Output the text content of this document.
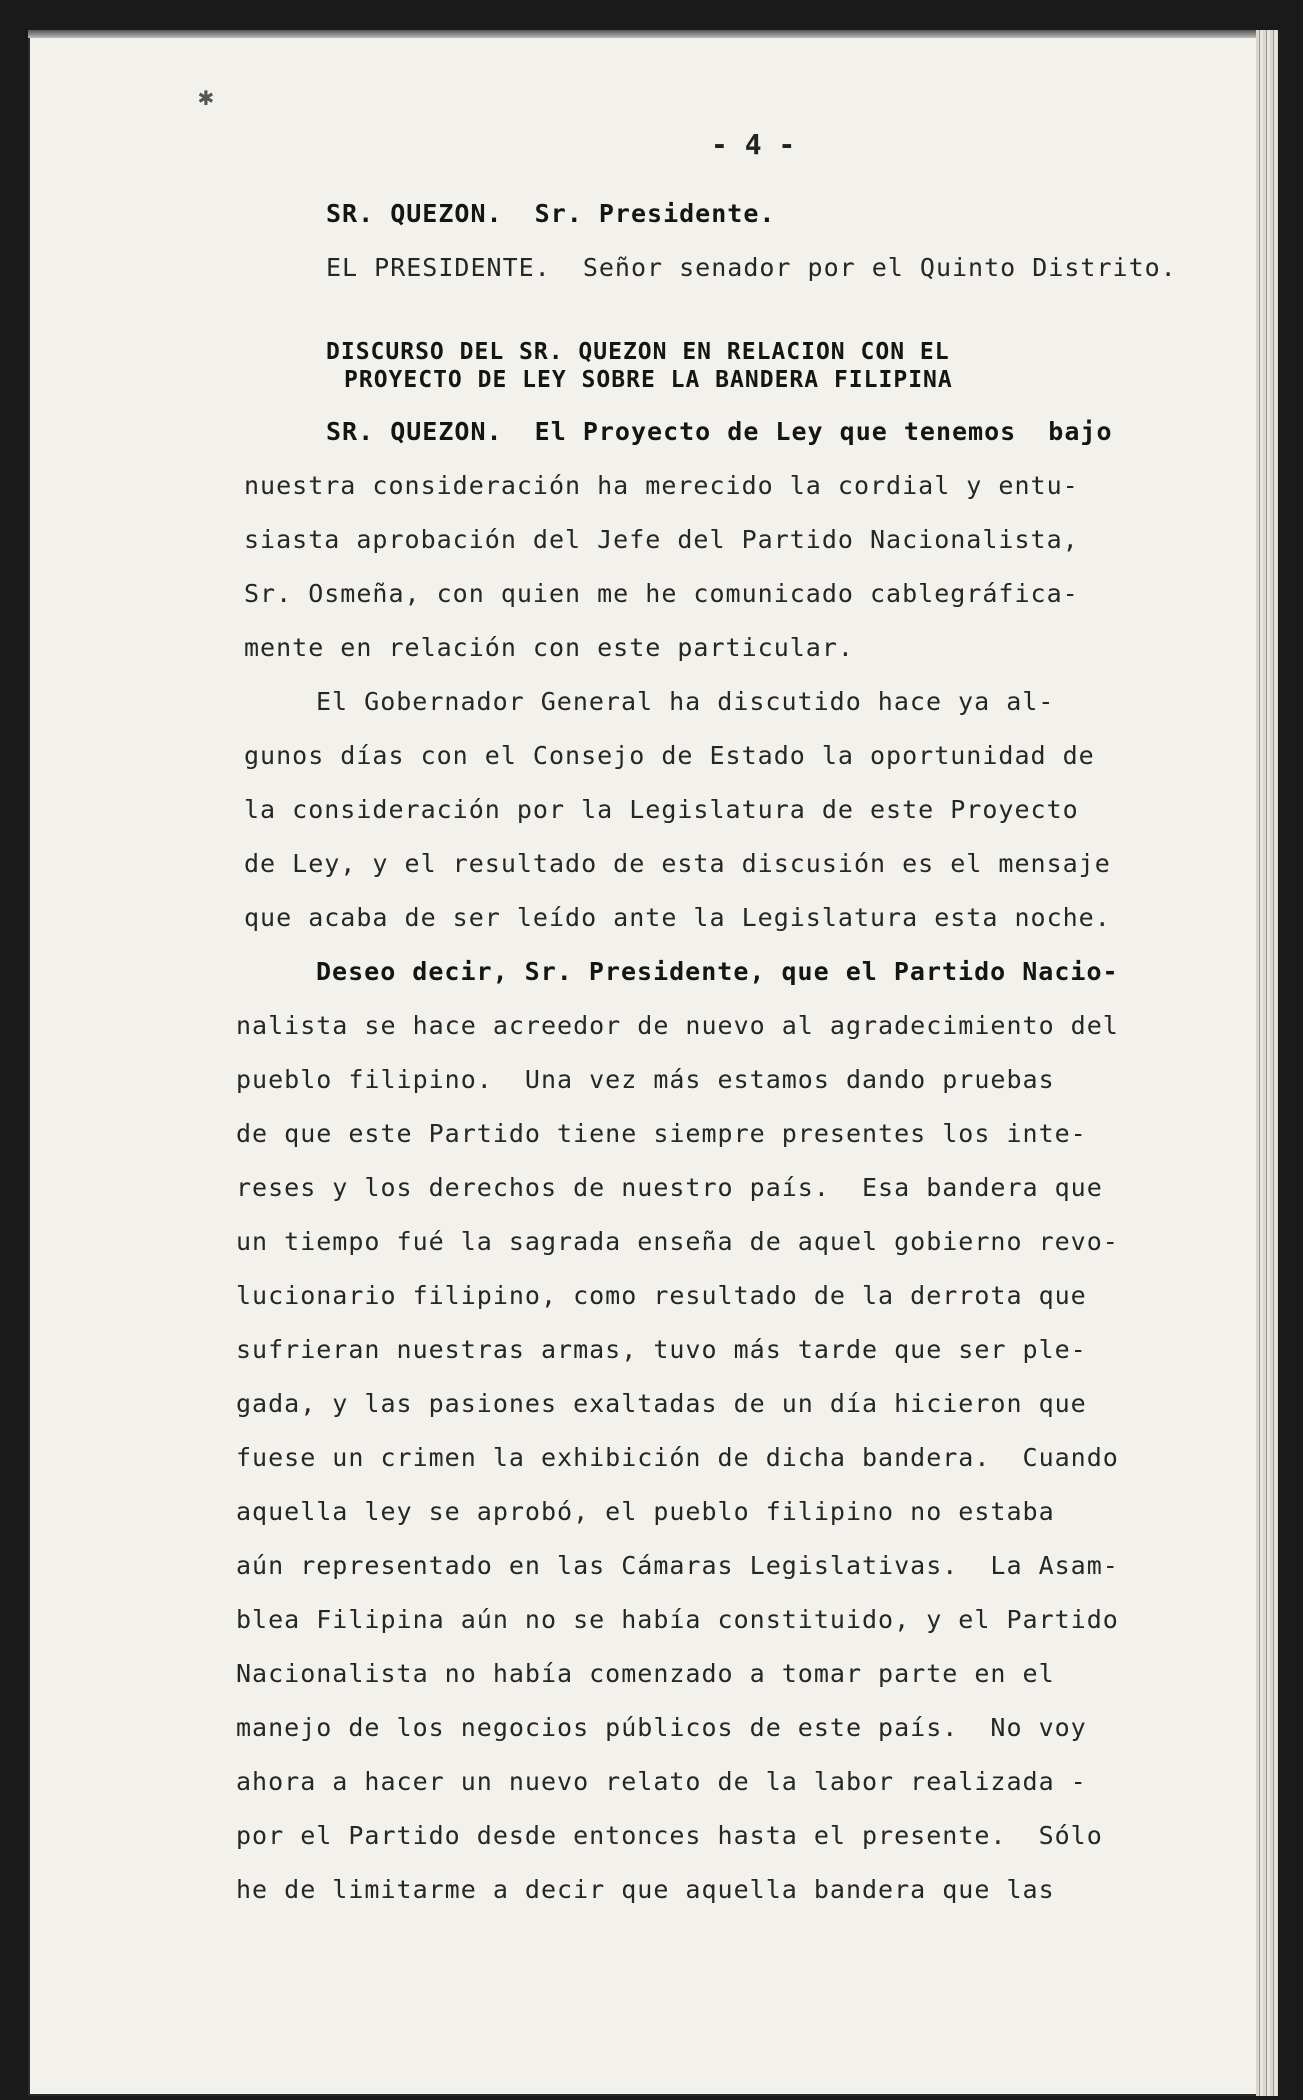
✱
- 4 -
SR. QUEZON.  Sr. Presidente.
EL PRESIDENTE.  Señor senador por el Quinto Distrito.
DISCURSO DEL SR. QUEZON EN RELACION CON EL
PROYECTO DE LEY SOBRE LA BANDERA FILIPINA
SR. QUEZON.  El Proyecto de Ley que tenemos  bajo
nuestra consideración ha merecido la cordial y entu-
siasta aprobación del Jefe del Partido Nacionalista,
Sr. Osmeña, con quien me he comunicado cablegráfica-
mente en relación con este particular.
El Gobernador General ha discutido hace ya al-
gunos días con el Consejo de Estado la oportunidad de
la consideración por la Legislatura de este Proyecto
de Ley, y el resultado de esta discusión es el mensaje
que acaba de ser leído ante la Legislatura esta noche.
Deseo decir, Sr. Presidente, que el Partido Nacio-
nalista se hace acreedor de nuevo al agradecimiento del
pueblo filipino.  Una vez más estamos dando pruebas
de que este Partido tiene siempre presentes los inte-
reses y los derechos de nuestro país.  Esa bandera que
un tiempo fué la sagrada enseña de aquel gobierno revo-
lucionario filipino, como resultado de la derrota que
sufrieran nuestras armas, tuvo más tarde que ser ple-
gada, y las pasiones exaltadas de un día hicieron que
fuese un crimen la exhibición de dicha bandera.  Cuando
aquella ley se aprobó, el pueblo filipino no estaba
aún representado en las Cámaras Legislativas.  La Asam-
blea Filipina aún no se había constituido, y el Partido
Nacionalista no había comenzado a tomar parte en el
manejo de los negocios públicos de este país.  No voy
ahora a hacer un nuevo relato de la labor realizada -
por el Partido desde entonces hasta el presente.  Sólo
he de limitarme a decir que aquella bandera que las
